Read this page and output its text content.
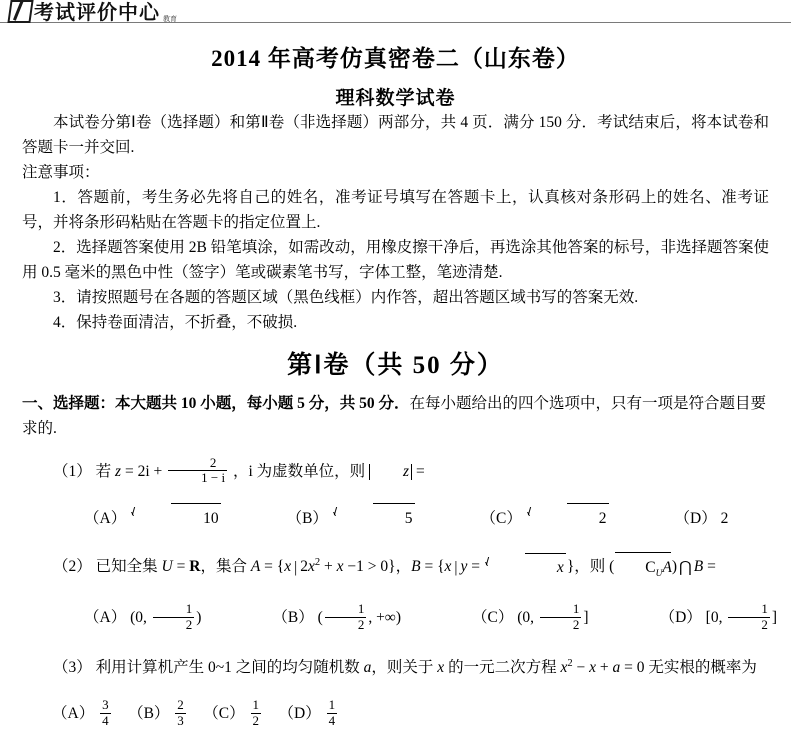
考试评价中心 教育
2014 年高考仿真密卷二（山东卷）
理科数学试卷

本试卷分第Ⅰ卷（选择题）和第Ⅱ卷（非选择题）两部分，共 4 页．满分 150 分．考试结束后，将本试卷和答题卡一并交回.

注意事项：

1．答题前，考生务必先将自己的姓名，准考证号填写在答题卡上，认真核对条形码上的姓名、准考证号，并将条形码粘贴在答题卡的指定位置上.

2．选择题答案使用 2B 铅笔填涂，如需改动，用橡皮擦干净后，再选涂其他答案的标号，非选择题答案使用 0.5 毫米的黑色中性（签字）笔或碳素笔书写，字体工整，笔迹清楚.

3．请按照题号在各题的答题区域（黑色线框）内作答，超出答题区域书写的答案无效.

4．保持卷面清洁，不折叠，不破损.

第Ⅰ卷（共 50 分）

一、选择题：本大题共 10 小题，每小题 5 分，共 50 分．在每小题给出的四个选项中，只有一项是符合题目要求的.

（1） 若 $z = 2i + \frac{2}{1 - i}$ ，i 为虚数单位，则 z =

（A）	10	（B）	5	（C）	2	（D） 2

（2） 已知全集 U = R，集合 A = {x | $2x^2 + x -1 > 0$}，B = {x | y =	x }，则 ( $C_UA$) ⋂ B =

（A） (0, $\frac{1}{2}$ )	（B） ( $\frac{1}{2}$ , +∞)	（C） (0, $\frac{1}{2}$ ]	（D） [0, $\frac{1}{2}$ ]

（3） 利用计算机产生 0~1 之间的均匀随机数 a，则关于 x 的一元二次方程 $x^2 - x + a = 0$ 无实根的概率为

$(A) \frac{3}{4} (B) \frac{2}{3} (C) \frac{1}{2} (D) \frac{1}{4}$
